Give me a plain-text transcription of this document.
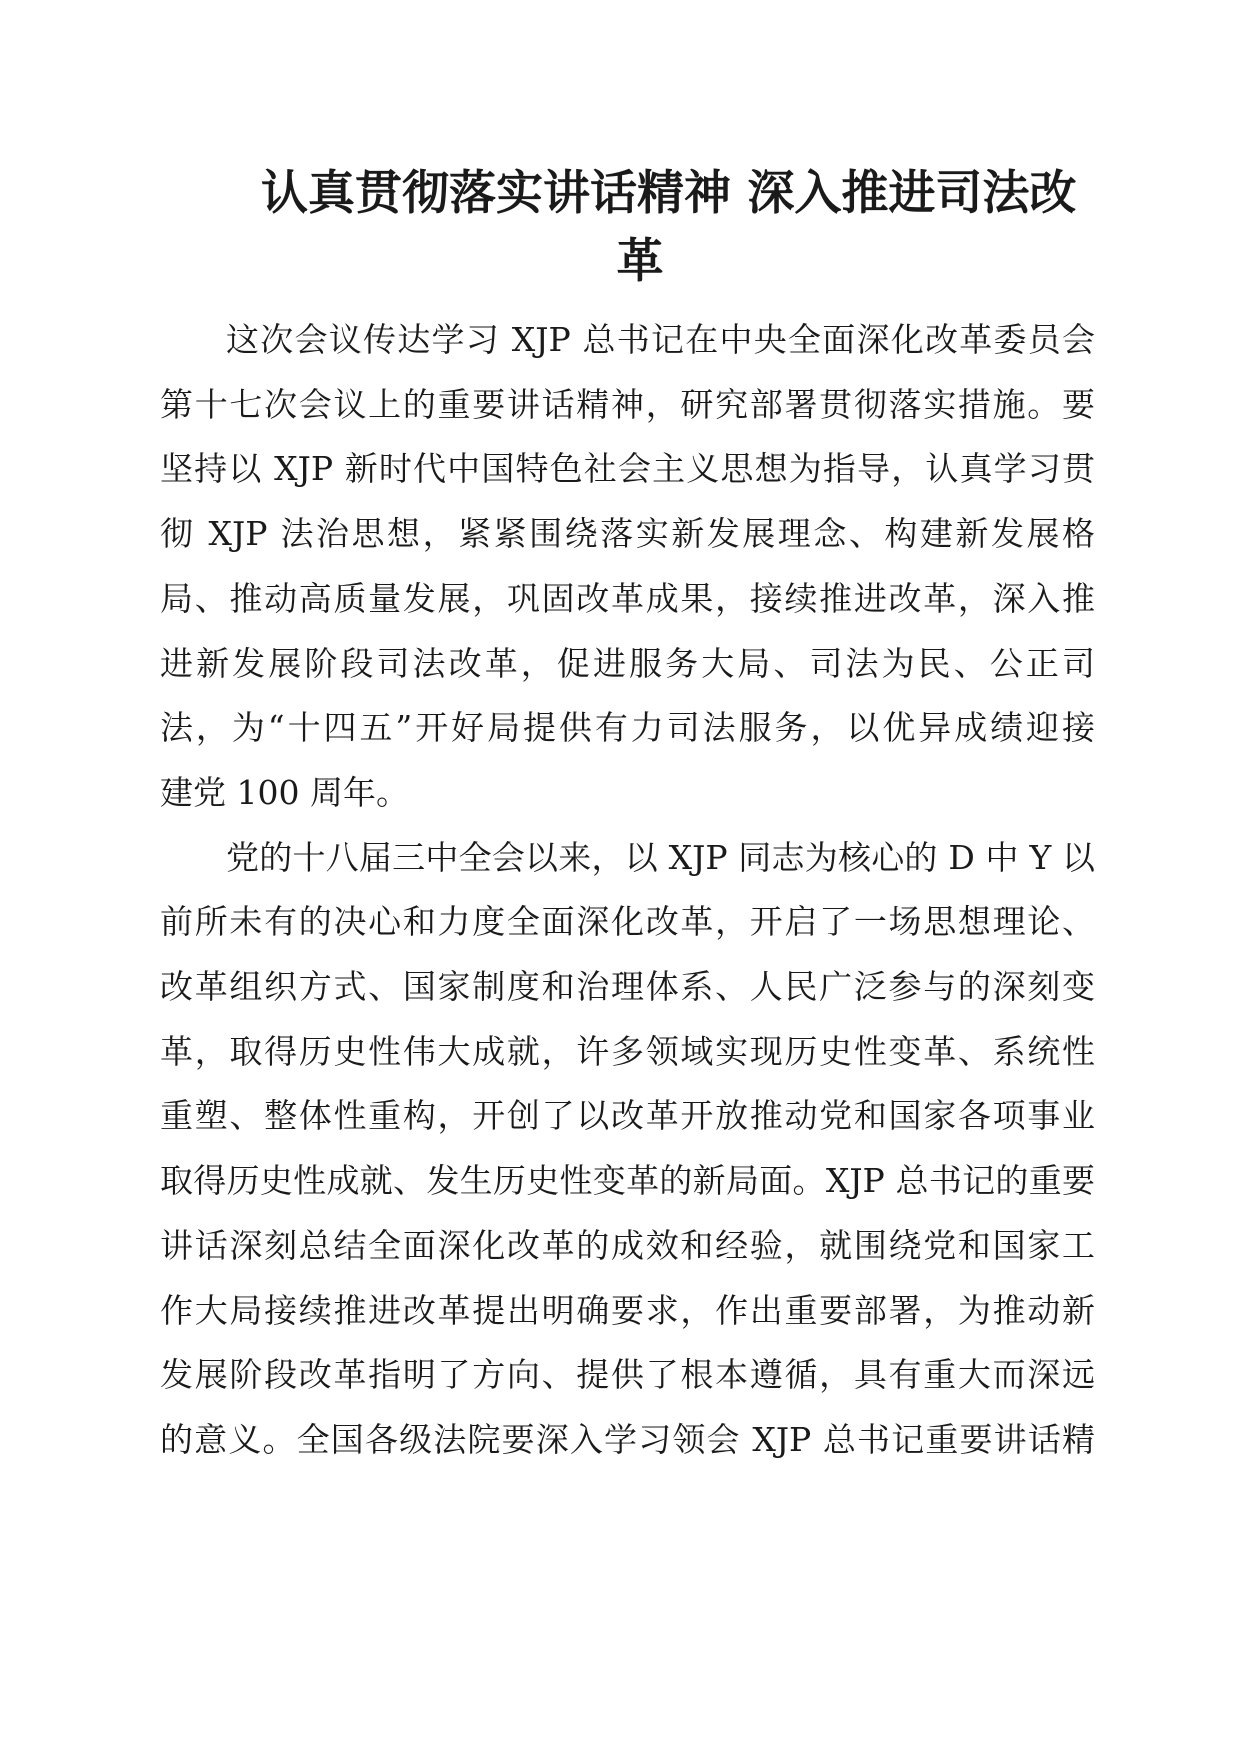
认真贯彻落实讲话精神 深入推进司法改
革

这次会议传达学习 XJP 总书记在中央全面深化改革委员会
第十七次会议上的重要讲话精神，研究部署贯彻落实措施。要
坚持以 XJP 新时代中国特色社会主义思想为指导，认真学习贯
彻 XJP 法治思想，紧紧围绕落实新发展理念、构建新发展格
局、推动高质量发展，巩固改革成果，接续推进改革，深入推
进新发展阶段司法改革，促进服务大局、司法为民、公正司
法，为“十四五”开好局提供有力司法服务，以优异成绩迎接
建党 100 周年。

党的十八届三中全会以来，以 XJP 同志为核心的 D 中 Y 以
前所未有的决心和力度全面深化改革，开启了一场思想理论、
改革组织方式、国家制度和治理体系、人民广泛参与的深刻变
革，取得历史性伟大成就，许多领域实现历史性变革、系统性
重塑、整体性重构，开创了以改革开放推动党和国家各项事业
取得历史性成就、发生历史性变革的新局面。XJP 总书记的重要
讲话深刻总结全面深化改革的成效和经验，就围绕党和国家工
作大局接续推进改革提出明确要求，作出重要部署，为推动新
发展阶段改革指明了方向、提供了根本遵循，具有重大而深远
的意义。全国各级法院要深入学习领会 XJP 总书记重要讲话精
